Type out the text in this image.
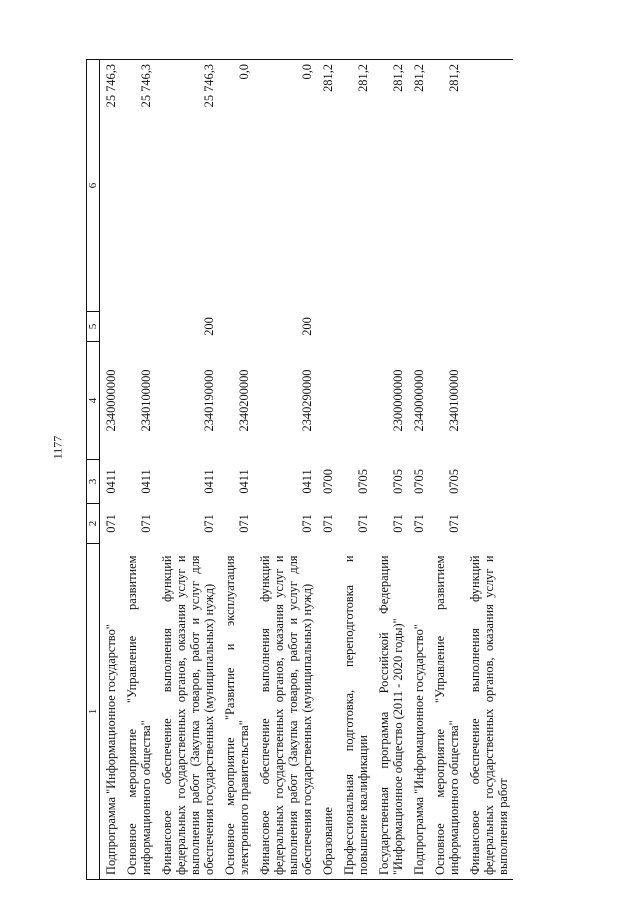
1177
1	2	3	4	5	6
Подпрограмма "Информационное государство"	071	0411	2340000000		25 746,3
Основное мероприятие "Управление развитием информационного общества"	071	0411	2340100000		25 746,3
Финансовое обеспечение выполнения функций федеральных государственных органов, оказания услуг и выполнения работ (Закупка товаров, работ и услуг для обеспечения государственных (муниципальных) нужд)	071	0411	2340190000	200	25 746,3
Основное мероприятие "Развитие и эксплуатация электронного правительства"	071	0411	2340200000		0,0
Финансовое обеспечение выполнения функций федеральных государственных органов, оказания услуг и выполнения работ (Закупка товаров, работ и услуг для обеспечения государственных (муниципальных) нужд)	071	0411	2340290000	200	0,0
Образование	071	0700			281,2
Профессиональная подготовка, переподготовка и повышение квалификации	071	0705			281,2
Государственная программа Российской Федерации "Информационное общество (2011 - 2020 годы)"	071	0705	2300000000		281,2
Подпрограмма "Информационное государство"	071	0705	2340000000		281,2
Основное мероприятие "Управление развитием информационного общества"	071	0705	2340100000		281,2
Финансовое обеспечение выполнения функций федеральных государственных органов, оказания услуг и выполнения работ					
